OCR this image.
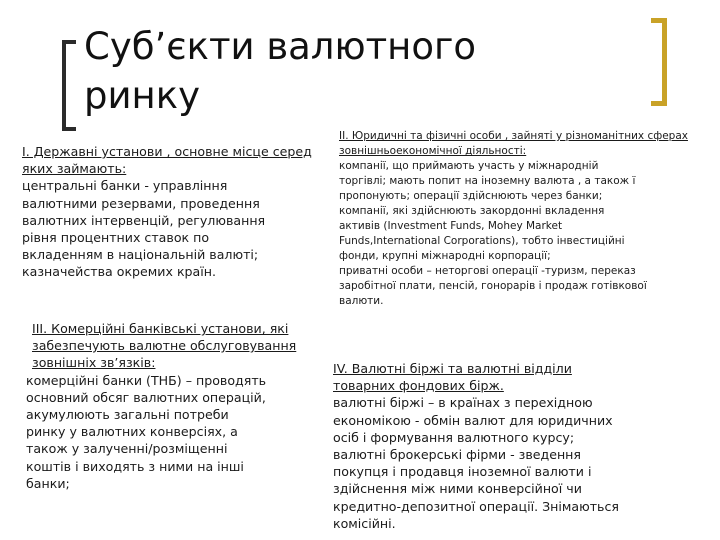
Суб’єкти валютного
ринку
I. Державні установи , основне місце серед яких займають:
центральні банки - управління
валютними резервами, проведення
валютних інтервенцій, регулювання
рівня процентних ставок по
вкладенням в національній валюті;
казначейства окремих країн.
II. Юридичні та фізичні особи , зайняті у різноманітних сферах зовнішньоекономічної діяльності:
компанії, що приймають участь у міжнародній
торгівлі; мають попит на іноземну валюта , а також ї
пропонують; операції здійснюють через банки;
компанії, які здійснюють закордонні вкладення
активів (Investment Funds, Mohey Market
Funds,International Corporations), тобто інвестиційні
фонди, крупні міжнародні корпорації;
приватні особи – неторгові операції -туризм, переказ
заробітної плати, пенсій, гонорарів і продаж готівкової
валюти.
III. Комерційні банківські установи, які забезпечують валютне обслуговування зовнішніх зв’язків:
комерційні банки (ТНБ) – проводять
основний обсяг валютних операцій,
акумулюють загальні потреби
ринку у валютних конверсіях, а
також у залученні/розміщенні
коштів і виходять з ними на інші
банки;
IV. Валютні біржі та валютні відділи товарних фондових бірж.
валютні біржі – в країнах з перехідною
економікою - обмін валют для юридичних
осіб і формування валютного курсу;
валютні брокерські фірми - зведення
покупця і продавця іноземної валюти і
здійснення між ними конверсійної чи
кредитно-депозитної операції. Знімаються
комісійні.
